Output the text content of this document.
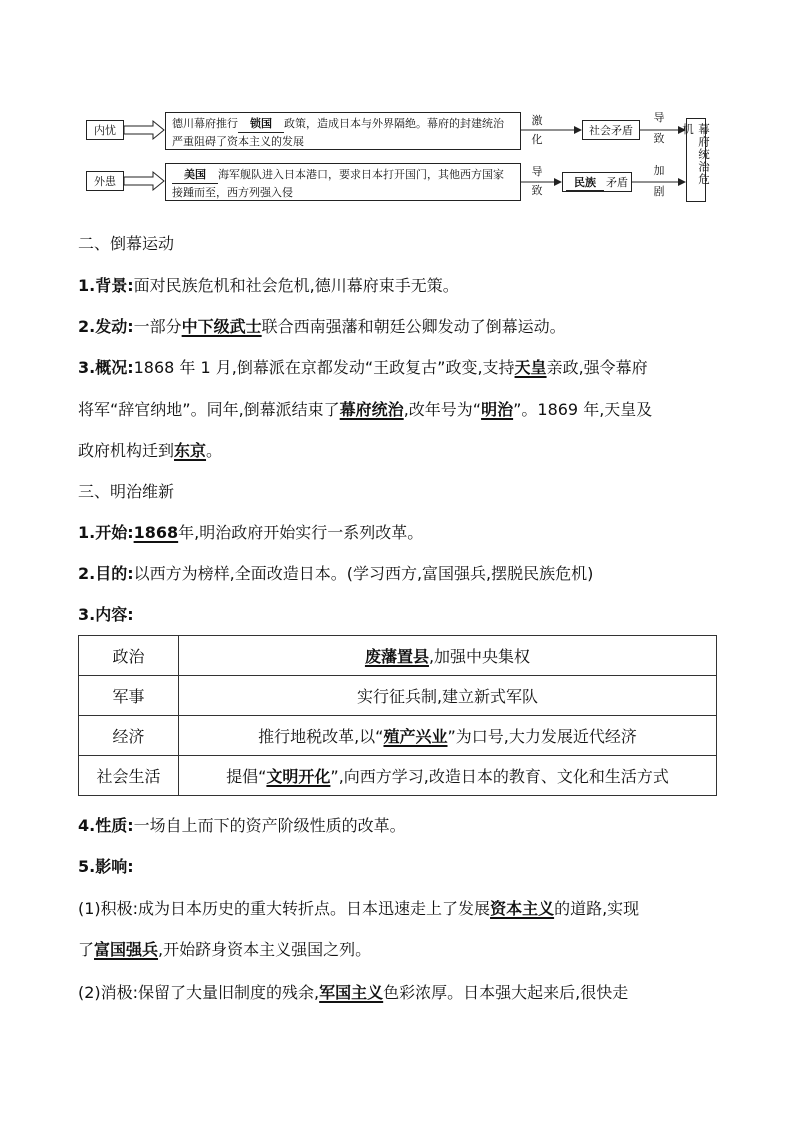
内忧
外患
德川幕府推行 锁国 政策，造成日本与外界隔绝。幕府的封建统治
严重阻碍了资本主义的发展
美国 海军舰队进入日本港口，要求日本打开国门，其他西方国家
接踵而至，西方列强入侵
激
化
导
致
社会矛盾
民族 矛盾
导
致
加
剧
幕府统治危机
二、倒幕运动
1.背景:面对民族危机和社会危机,德川幕府束手无策。
2.发动:一部分中下级武士联合西南强藩和朝廷公卿发动了倒幕运动。
3.概况:1868 年 1 月,倒幕派在京都发动“王政复古”政变,支持天皇亲政,强令幕府
将军“辞官纳地”。同年,倒幕派结束了幕府统治,改年号为“明治”。1869 年,天皇及
政府机构迁到东京。
三、明治维新
1.开始:1868年,明治政府开始实行一系列改革。
2.目的:以西方为榜样,全面改造日本。(学习西方,富国强兵,摆脱民族危机)
3.内容:
政治	废藩置县,加强中央集权
军事	实行征兵制,建立新式军队
经济	推行地税改革,以“殖产兴业”为口号,大力发展近代经济
社会生活	提倡“文明开化”,向西方学习,改造日本的教育、文化和生活方式
4.性质:一场自上而下的资产阶级性质的改革。
5.影响:
(1)积极:成为日本历史的重大转折点。日本迅速走上了发展资本主义的道路,实现
了富国强兵,开始跻身资本主义强国之列。
(2)消极:保留了大量旧制度的残余,军国主义色彩浓厚。日本强大起来后,很快走
